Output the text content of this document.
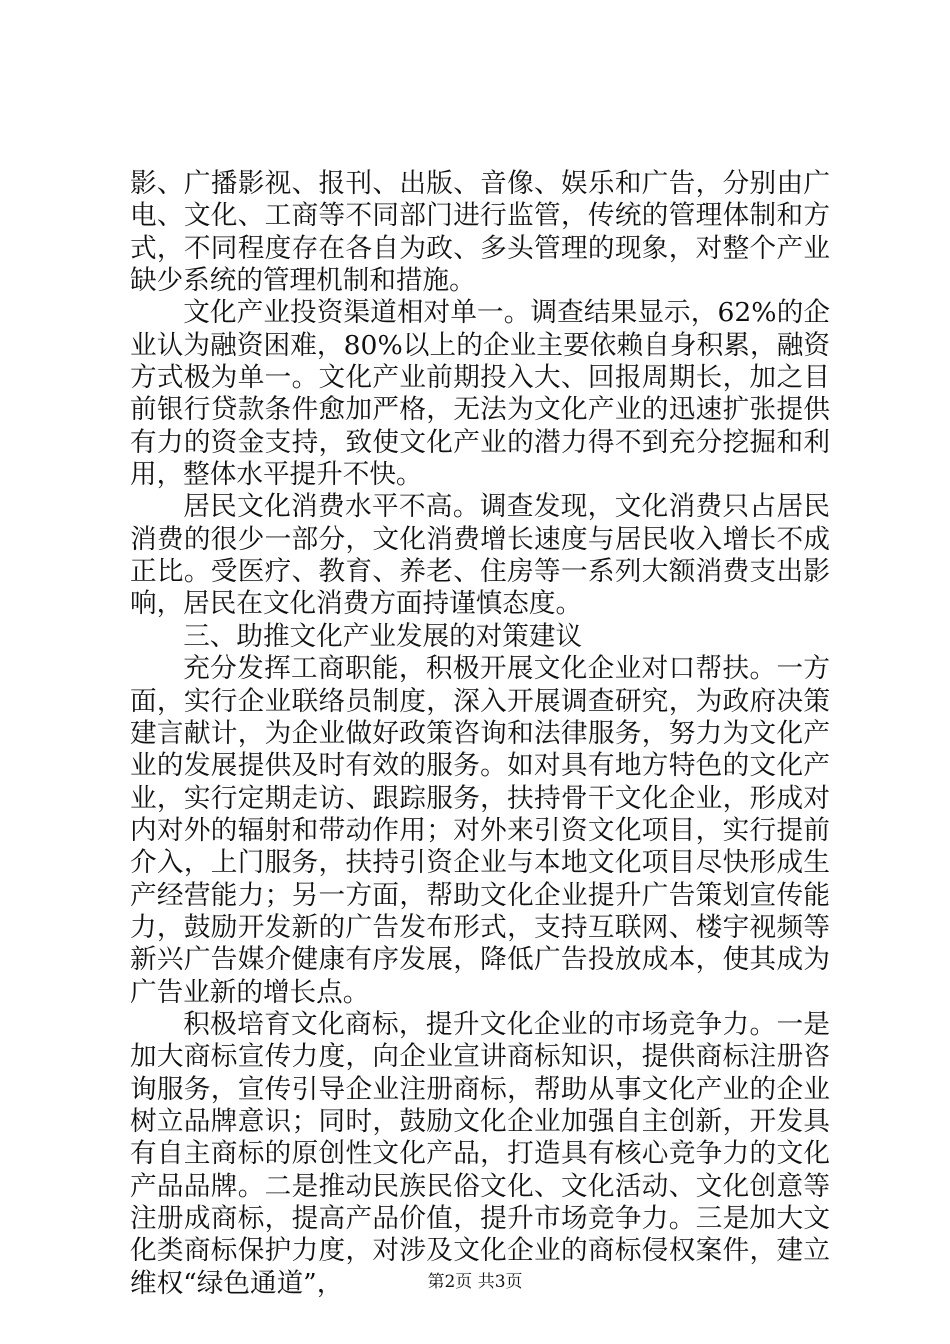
影、广播影视、报刊、出版、音像、娱乐和广告，分别由广电、文化、工商等不同部门进行监管，传统的管理体制和方式，不同程度存在各自为政、多头管理的现象，对整个产业缺少系统的管理机制和措施。

文化产业投资渠道相对单一。调查结果显示，62%的企业认为融资困难，80%以上的企业主要依赖自身积累，融资方式极为单一。文化产业前期投入大、回报周期长，加之目前银行贷款条件愈加严格，无法为文化产业的迅速扩张提供有力的资金支持，致使文化产业的潜力得不到充分挖掘和利用，整体水平提升不快。

居民文化消费水平不高。调查发现，文化消费只占居民消费的很少一部分，文化消费增长速度与居民收入增长不成正比。受医疗、教育、养老、住房等一系列大额消费支出影响，居民在文化消费方面持谨慎态度。

三、助推文化产业发展的对策建议

充分发挥工商职能，积极开展文化企业对口帮扶。一方面，实行企业联络员制度，深入开展调查研究，为政府决策建言献计，为企业做好政策咨询和法律服务，努力为文化产业的发展提供及时有效的服务。如对具有地方特色的文化产业，实行定期走访、跟踪服务，扶持骨干文化企业，形成对内对外的辐射和带动作用；对外来引资文化项目，实行提前介入，上门服务，扶持引资企业与本地文化项目尽快形成生产经营能力；另一方面，帮助文化企业提升广告策划宣传能力，鼓励开发新的广告发布形式，支持互联网、楼宇视频等新兴广告媒介健康有序发展，降低广告投放成本，使其成为广告业新的增长点。

积极培育文化商标，提升文化企业的市场竞争力。一是加大商标宣传力度，向企业宣讲商标知识，提供商标注册咨询服务，宣传引导企业注册商标，帮助从事文化产业的企业树立品牌意识；同时，鼓励文化企业加强自主创新，开发具有自主商标的原创性文化产品，打造具有核心竞争力的文化产品品牌。二是推动民族民俗文化、文化活动、文化创意等注册成商标，提高产品价值，提升市场竞争力。三是加大文化类商标保护力度，对涉及文化企业的商标侵权案件，建立维权“绿色通道”，	第2页 共3页
